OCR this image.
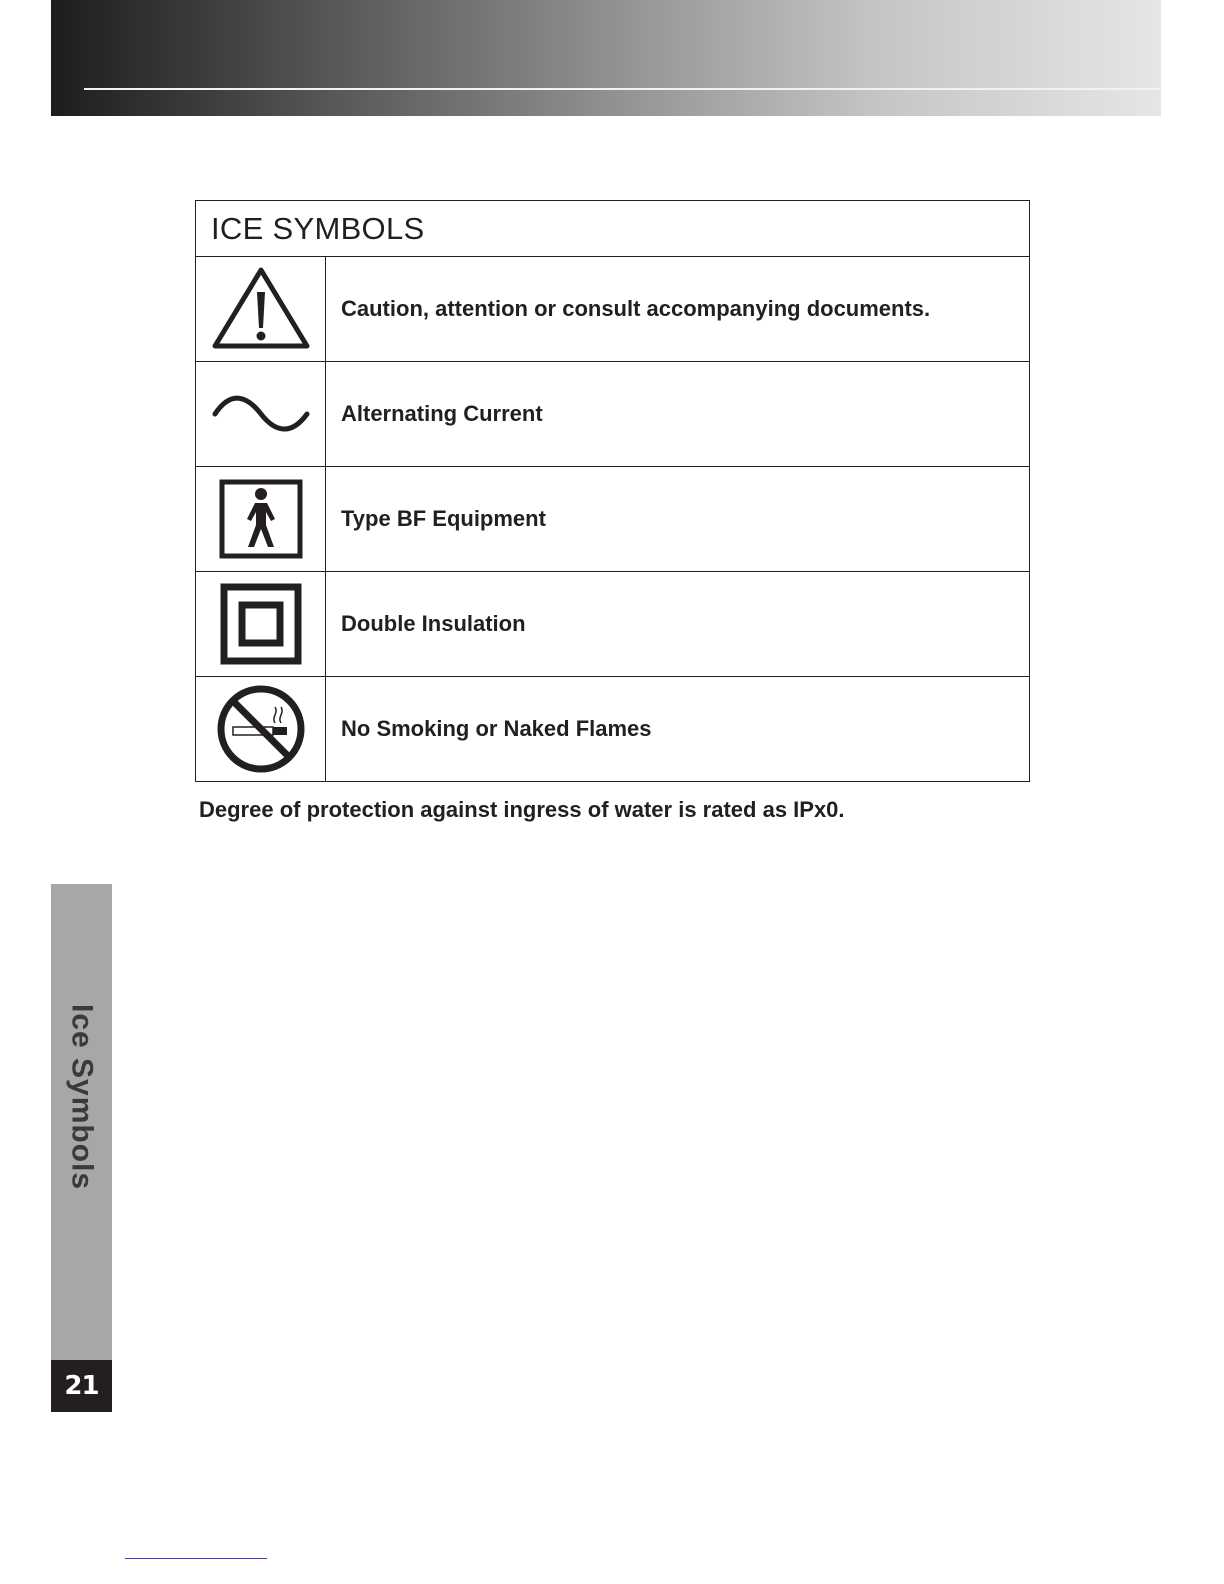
ICE SYMBOLS	

	Caution, attention or consult accompanying documents.

	Alternating Current

	Type BF Equipment

	Double Insulation

	No Smoking or Naked Flames
Degree of protection against ingress of water is rated as IPx0.
Ice Symbols
21
